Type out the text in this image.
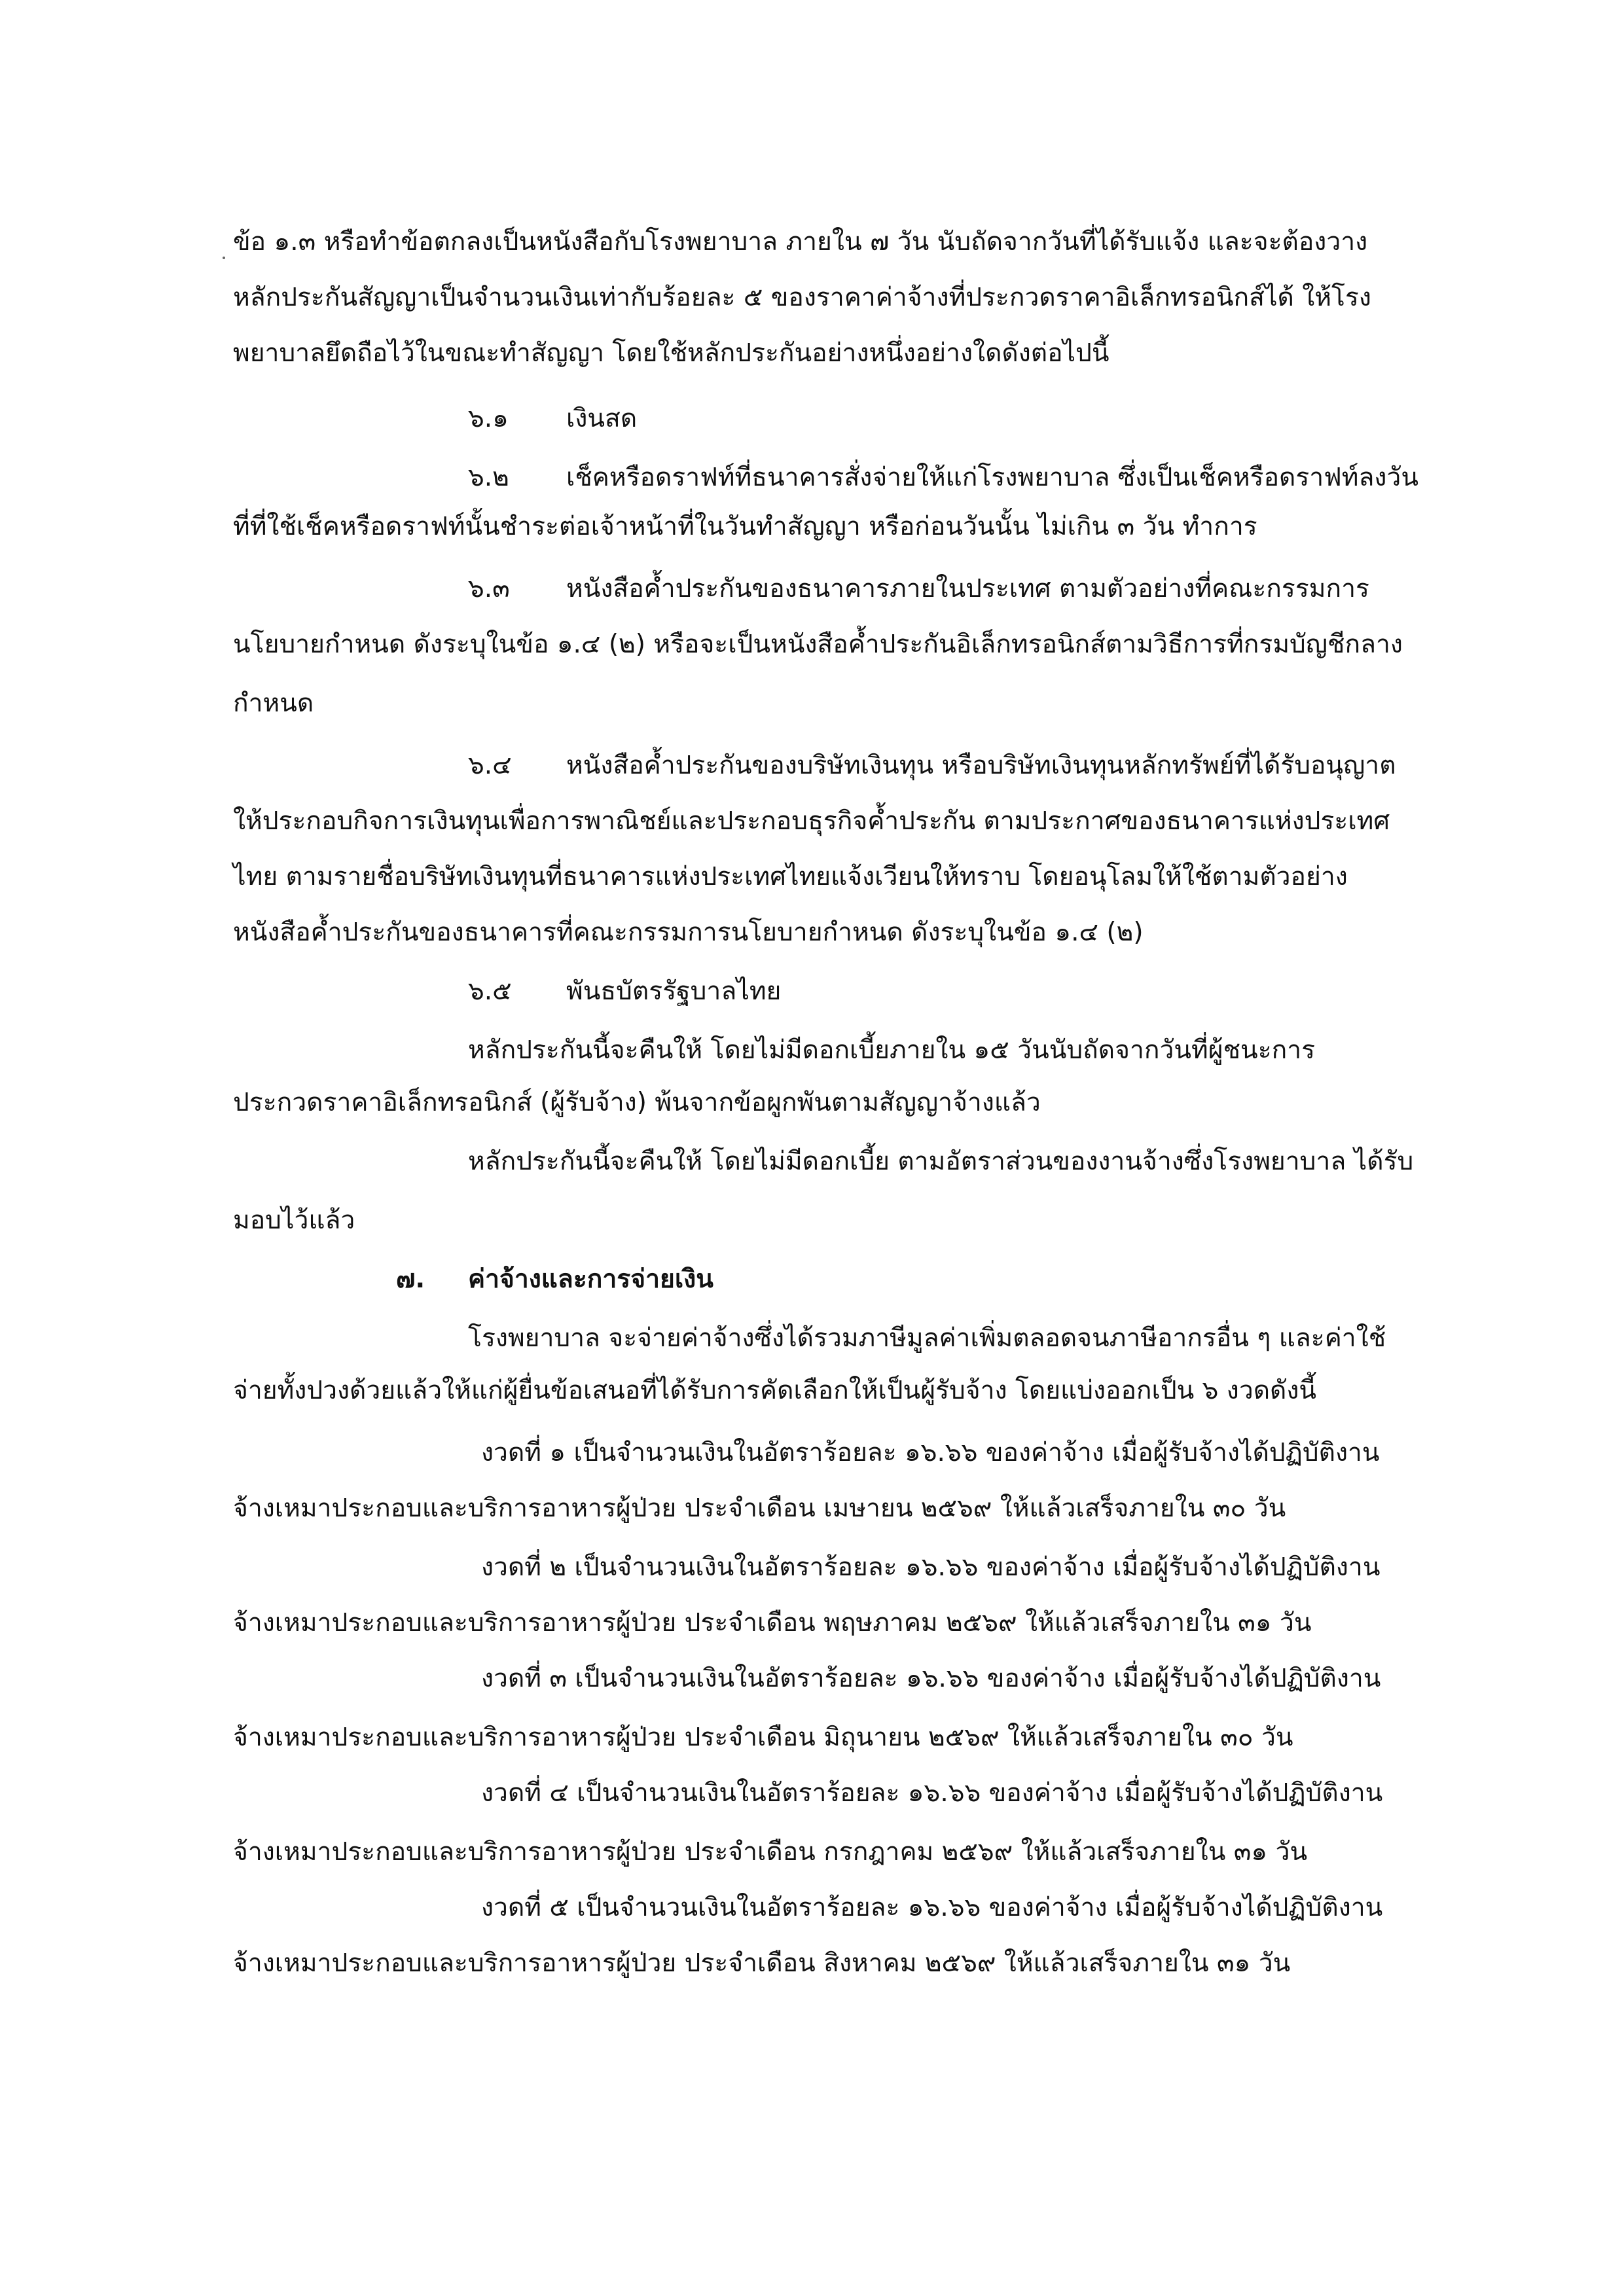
ข้อ ๑.๓ หรือทำข้อตกลงเป็นหนังสือกับโรงพยาบาล ภายใน ๗ วัน นับถัดจากวันที่ได้รับแจ้ง และจะต้องวาง
หลักประกันสัญญาเป็นจำนวนเงินเท่ากับร้อยละ ๕ ของราคาค่าจ้างที่ประกวดราคาอิเล็กทรอนิกส์ได้ ให้โรง
พยาบาลยึดถือไว้ในขณะทำสัญญา โดยใช้หลักประกันอย่างหนึ่งอย่างใดดังต่อไปนี้
๖.๑ เงินสด
๖.๒ เช็คหรือดราฟท์ที่ธนาคารสั่งจ่ายให้แก่โรงพยาบาล ซึ่งเป็นเช็คหรือดราฟท์ลงวัน
ที่ที่ใช้เช็คหรือดราฟท์นั้นชำระต่อเจ้าหน้าที่ในวันทำสัญญา หรือก่อนวันนั้น ไม่เกิน ๓ วัน ทำการ
๖.๓ หนังสือค้ำประกันของธนาคารภายในประเทศ ตามตัวอย่างที่คณะกรรมการ
นโยบายกำหนด ดังระบุในข้อ ๑.๔ (๒) หรือจะเป็นหนังสือค้ำประกันอิเล็กทรอนิกส์ตามวิธีการที่กรมบัญชีกลาง
กำหนด
๖.๔ หนังสือค้ำประกันของบริษัทเงินทุน หรือบริษัทเงินทุนหลักทรัพย์ที่ได้รับอนุญาต
ให้ประกอบกิจการเงินทุนเพื่อการพาณิชย์และประกอบธุรกิจค้ำประกัน ตามประกาศของธนาคารแห่งประเทศ
ไทย ตามรายชื่อบริษัทเงินทุนที่ธนาคารแห่งประเทศไทยแจ้งเวียนให้ทราบ โดยอนุโลมให้ใช้ตามตัวอย่าง
หนังสือค้ำประกันของธนาคารที่คณะกรรมการนโยบายกำหนด ดังระบุในข้อ ๑.๔ (๒)
๖.๕ พันธบัตรรัฐบาลไทย
หลักประกันนี้จะคืนให้ โดยไม่มีดอกเบี้ยภายใน ๑๕ วันนับถัดจากวันที่ผู้ชนะการ
ประกวดราคาอิเล็กทรอนิกส์ (ผู้รับจ้าง) พ้นจากข้อผูกพันตามสัญญาจ้างแล้ว
หลักประกันนี้จะคืนให้ โดยไม่มีดอกเบี้ย ตามอัตราส่วนของงานจ้างซึ่งโรงพยาบาล ได้รับ
มอบไว้แล้ว
๗. ค่าจ้างและการจ่ายเงิน
โรงพยาบาล จะจ่ายค่าจ้างซึ่งได้รวมภาษีมูลค่าเพิ่มตลอดจนภาษีอากรอื่น ๆ และค่าใช้
จ่ายทั้งปวงด้วยแล้วให้แก่ผู้ยื่นข้อเสนอที่ได้รับการคัดเลือกให้เป็นผู้รับจ้าง โดยแบ่งออกเป็น ๖ งวดดังนี้
งวดที่ ๑ เป็นจำนวนเงินในอัตราร้อยละ ๑๖.๖๖ ของค่าจ้าง เมื่อผู้รับจ้างได้ปฏิบัติงาน
จ้างเหมาประกอบและบริการอาหารผู้ป่วย ประจำเดือน เมษายน ๒๕๖๙ ให้แล้วเสร็จภายใน ๓๐ วัน
งวดที่ ๒ เป็นจำนวนเงินในอัตราร้อยละ ๑๖.๖๖ ของค่าจ้าง เมื่อผู้รับจ้างได้ปฏิบัติงาน
จ้างเหมาประกอบและบริการอาหารผู้ป่วย ประจำเดือน พฤษภาคม ๒๕๖๙ ให้แล้วเสร็จภายใน ๓๑ วัน
งวดที่ ๓ เป็นจำนวนเงินในอัตราร้อยละ ๑๖.๖๖ ของค่าจ้าง เมื่อผู้รับจ้างได้ปฏิบัติงาน
จ้างเหมาประกอบและบริการอาหารผู้ป่วย ประจำเดือน มิถุนายน ๒๕๖๙ ให้แล้วเสร็จภายใน ๓๐ วัน
งวดที่ ๔ เป็นจำนวนเงินในอัตราร้อยละ ๑๖.๖๖ ของค่าจ้าง เมื่อผู้รับจ้างได้ปฏิบัติงาน
จ้างเหมาประกอบและบริการอาหารผู้ป่วย ประจำเดือน กรกฎาคม ๒๕๖๙ ให้แล้วเสร็จภายใน ๓๑ วัน
งวดที่ ๕ เป็นจำนวนเงินในอัตราร้อยละ ๑๖.๖๖ ของค่าจ้าง เมื่อผู้รับจ้างได้ปฏิบัติงาน
จ้างเหมาประกอบและบริการอาหารผู้ป่วย ประจำเดือน สิงหาคม ๒๕๖๙ ให้แล้วเสร็จภายใน ๓๑ วัน
